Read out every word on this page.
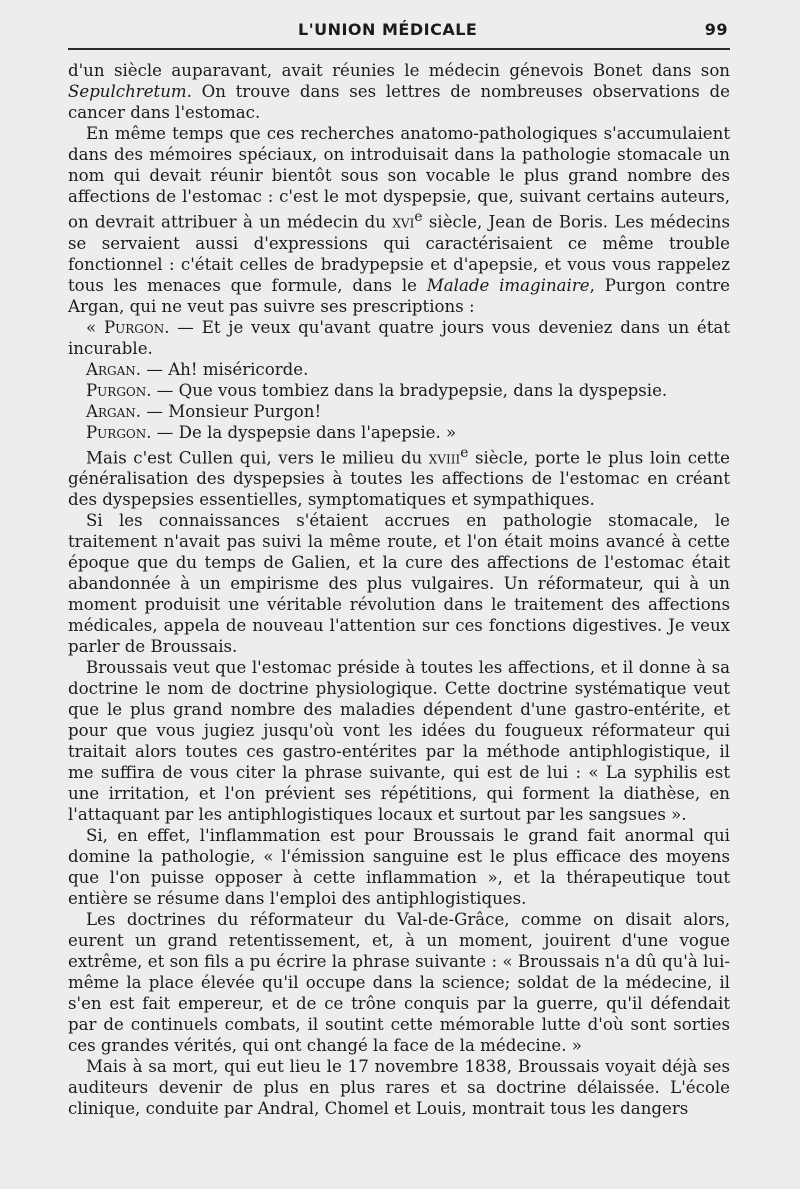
L'UNION MÉDICALE	99

d'un siècle auparavant, avait réunies le médecin génevois Bonet dans son Sepulchretum. On trouve dans ses lettres de nombreuses observations de cancer dans l'estomac.

En même temps que ces recherches anatomo-pathologiques s'accumulaient dans des mémoires spéciaux, on introduisait dans la pathologie stomacale un nom qui devait réunir bientôt sous son vocable le plus grand nombre des affections de l'estomac : c'est le mot dyspepsie, que, suivant certains auteurs, on devrait attribuer à un médecin du xvi$^e$ siècle, Jean de Boris. Les médecins se servaient aussi d'expressions qui caractérisaient ce même trouble fonctionnel : c'était celles de bradypepsie et d'apepsie, et vous vous rappelez tous les menaces que formule, dans le Malade imaginaire, Purgon contre Argan, qui ne veut pas suivre ses prescriptions :

« Purgon. — Et je veux qu'avant quatre jours vous deveniez dans un état incurable.

Argan. — Ah! miséricorde.

Purgon. — Que vous tombiez dans la bradypepsie, dans la dyspepsie.

Argan. — Monsieur Purgon!

Purgon. — De la dyspepsie dans l'apepsie. »

Mais c'est Cullen qui, vers le milieu du xviii$^e$ siècle, porte le plus loin cette généralisation des dyspepsies à toutes les affections de l'estomac en créant des dyspepsies essentielles, symptomatiques et sympathiques.

Si les connaissances s'étaient accrues en pathologie stomacale, le traitement n'avait pas suivi la même route, et l'on était moins avancé à cette époque que du temps de Galien, et la cure des affections de l'estomac était abandonnée à un empirisme des plus vulgaires. Un réformateur, qui à un moment produisit une véritable révolution dans le traitement des affections médicales, appela de nouveau l'attention sur ces fonctions digestives. Je veux parler de Broussais.

Broussais veut que l'estomac préside à toutes les affections, et il donne à sa doctrine le nom de doctrine physiologique. Cette doctrine systématique veut que le plus grand nombre des maladies dépendent d'une gastro-entérite, et pour que vous jugiez jusqu'où vont les idées du fougueux réformateur qui traitait alors toutes ces gastro-entérites par la méthode antiphlogistique, il me suffira de vous citer la phrase suivante, qui est de lui : « La syphilis est une irritation, et l'on prévient ses répétitions, qui forment la diathèse, en l'attaquant par les antiphlogistiques locaux et surtout par les sangsues ».

Si, en effet, l'inflammation est pour Broussais le grand fait anormal qui domine la pathologie, « l'émission sanguine est le plus efficace des moyens que l'on puisse opposer à cette inflammation », et la thérapeutique tout entière se résume dans l'emploi des antiphlogistiques.

Les doctrines du réformateur du Val-de-Grâce, comme on disait alors, eurent un grand retentissement, et, à un moment, jouirent d'une vogue extrême, et son fils a pu écrire la phrase suivante : « Broussais n'a dû qu'à lui-même la place élevée qu'il occupe dans la science; soldat de la médecine, il s'en est fait empereur, et de ce trône conquis par la guerre, qu'il défendait par de continuels combats, il soutint cette mémorable lutte d'où sont sorties ces grandes vérités, qui ont changé la face de la médecine. »

Mais à sa mort, qui eut lieu le 17 novembre 1838, Broussais voyait déjà ses auditeurs devenir de plus en plus rares et sa doctrine délaissée. L'école clinique, conduite par Andral, Chomel et Louis, montrait tous les dangers
